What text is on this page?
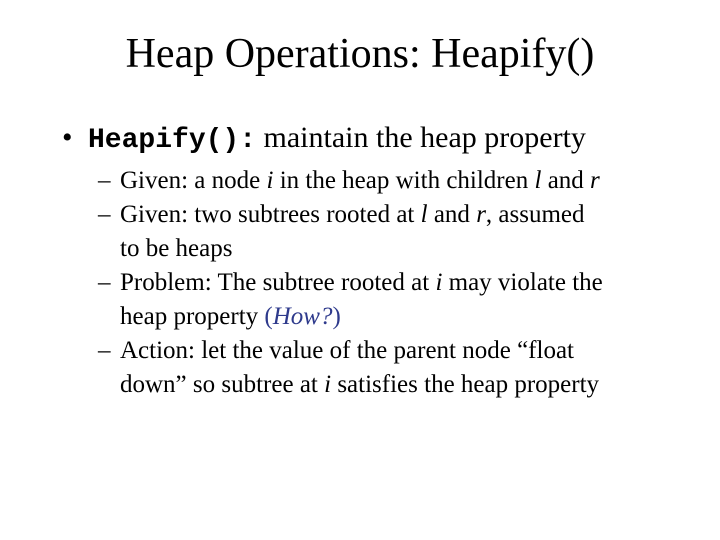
Heap Operations: Heapify()
• Heapify(): maintain the heap property
– Given: a node i in the heap with children l and r
– Given: two subtrees rooted at l and r, assumed
to be heaps
– Problem: The subtree rooted at i may violate the
heap property (How?)
– Action: let the value of the parent node “float
down” so subtree at i satisfies the heap property
